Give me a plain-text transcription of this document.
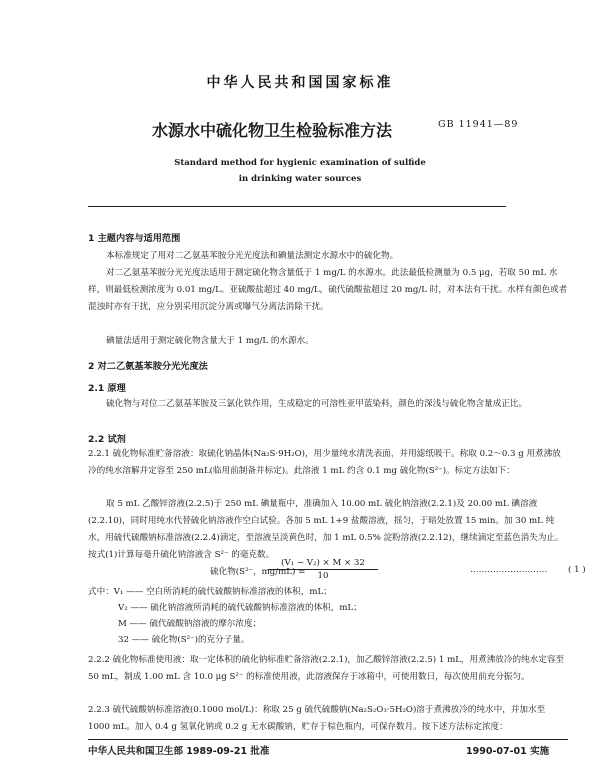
中华人民共和国国家标准
水源水中硫化物卫生检验标准方法	GB 11941—89
Standard method for hygienic examination of sulfide
in drinking water sources
1 主题内容与适用范围
本标准规定了用对二乙氨基苯胺分光光度法和碘量法测定水源水中的硫化物。
对二乙氨基苯胺分光光度法适用于测定硫化物含量低于 1 mg/L 的水源水。此法最低检测量为 0.5 μg，若取 50 mL 水样，则最低检测浓度为 0.01 mg/L。亚硫酸盐超过 40 mg/L，硫代硫酸盐超过 20 mg/L 时，对本法有干扰。水样有颜色或者混浊时亦有干扰，应分别采用沉淀分离或曝气分离法消除干扰。
碘量法适用于测定硫化物含量大于 1 mg/L 的水源水。
2 对二乙氨基苯胺分光光度法
2.1 原理
硫化物与对位二乙氨基苯胺及三氯化铁作用，生成稳定的可溶性亚甲蓝染料，颜色的深浅与硫化物含量成正比。
2.2 试剂
2.2.1 硫化物标准贮备溶液：取硫化钠晶体(Na₂S·9H₂O)，用少量纯水清洗表面，并用滤纸吸干。称取 0.2～0.3 g 用煮沸放冷的纯水溶解并定容至 250 mL(临用前制备并标定)。此溶液 1 mL 约含 0.1 mg 硫化物(S²⁻)。标定方法如下：
取 5 mL 乙酸锌溶液(2.2.5)于 250 mL 碘量瓶中，准确加入 10.00 mL 硫化钠溶液(2.2.1)及 20.00 mL 碘溶液(2.2.10)，同时用纯水代替硫化钠溶液作空白试验。各加 5 mL 1+9 盐酸溶液，摇匀，于暗处放置 15 min。加 30 mL 纯水，用硫代硫酸钠标准溶液(2.2.4)滴定，至溶液呈淡黄色时，加 1 mL 0.5% 淀粉溶液(2.2.12)，继续滴定至蓝色消失为止。按式(1)计算每毫升硫化钠溶液含 S²⁻ 的毫克数。
硫化物(S²⁻，mg/mL) =
$\frac{\text{(V₁ − V₂) × M × 32}}{10}$	……………………… ( 1 )
式中：V₁ —— 空白所消耗的硫代硫酸钠标准溶液的体积，mL；
V₂ —— 硫化钠溶液所消耗的硫代硫酸钠标准溶液的体积，mL；
M —— 硫代硫酸钠溶液的摩尔浓度；
32 —— 硫化物(S²⁻)的克分子量。
2.2.2 硫化物标准使用液：取一定体积的硫化钠标准贮备溶液(2.2.1)，加乙酸锌溶液(2.2.5) 1 mL，用煮沸放冷的纯水定容至 50 mL，制成 1.00 mL 含 10.0 μg S²⁻ 的标准使用液，此溶液保存于冰箱中，可使用数日，每次使用前充分振匀。
2.2.3 硫代硫酸钠标准溶液(0.1000 mol/L)：称取 25 g 硫代硫酸钠(Na₂S₂O₃·5H₂O)溶于煮沸放冷的纯水中，并加水至 1000 mL。加入 0.4 g 氢氧化钠或 0.2 g 无水碳酸钠，贮存于棕色瓶内，可保存数月。按下述方法标定浓度：
中华人民共和国卫生部 1989-09-21 批准	1990-07-01 实施
